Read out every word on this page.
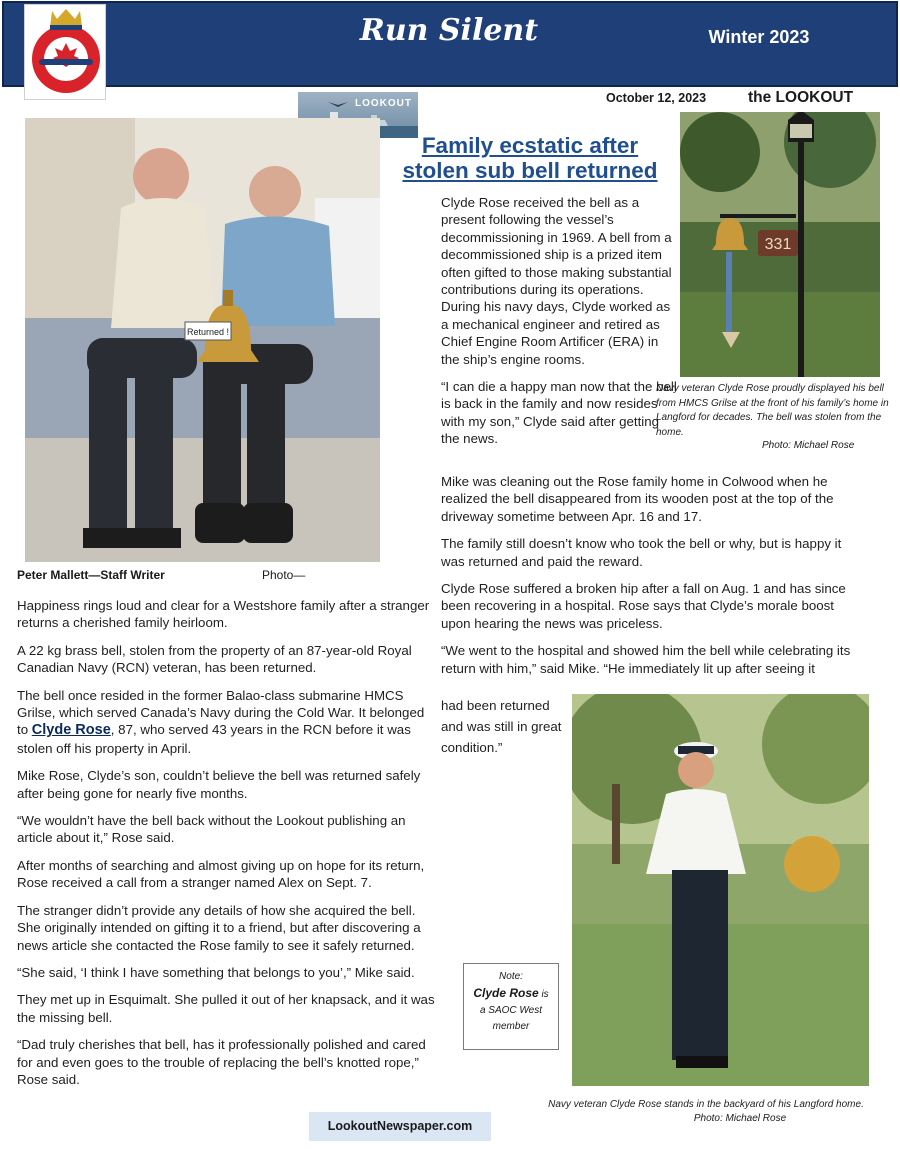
Run Silent	Winter 2023
LOOKOUT	October 12, 2023	the LOOKOUT
Family ecstatic after stolen sub bell returned
Returned !
Peter Mallett—Staff Writer	Photo—
331

Happiness rings loud and clear for a Westshore family after a stranger returns a cherished family heirloom.

A 22 kg brass bell, stolen from the property of an 87-year-old Royal Canadian Navy (RCN) veteran, has been returned.

The bell once resided in the former Balao-class submarine HMCS Grilse, which served Canada’s Navy during the Cold War. It belonged to Clyde Rose, 87, who served 43 years in the RCN before it was stolen off his property in April.

Mike Rose, Clyde’s son, couldn’t believe the bell was returned safely after being gone for nearly five months.

“We wouldn’t have the bell back without the Lookout publishing an article about it,” Rose said.

After months of searching and almost giving up on hope for its return, Rose received a call from a stranger named Alex on Sept. 7.

The stranger didn’t provide any details of how she acquired the bell. She originally intended on gifting it to a friend, but after discovering a news article she contacted the Rose family to see it safely returned.

“She said, ‘I think I have something that belongs to you’,” Mike said.

They met up in Esquimalt. She pulled it out of her knapsack, and it was the missing bell.

“Dad truly cherishes that bell, has it professionally polished and cared for and even goes to the trouble of replacing the bell’s knotted rope,” Rose said.

Clyde Rose received the bell as a present following the vessel’s decommissioning in 1969. A bell from a decommissioned ship is a prized item often gifted to those making substantial contributions during its operations. During his navy days, Clyde worked as a mechanical engineer and retired as Chief Engine Room Artificer (ERA) in the ship’s engine rooms.

“I can die a happy man now that the bell is back in the family and now resides with my son,” Clyde said after getting the news.

Mike was cleaning out the Rose family home in Colwood when he realized the bell disappeared from its wooden post at the top of the driveway sometime between Apr. 16 and 17.

The family still doesn’t know who took the bell or why, but is happy it was returned and paid the reward.

Clyde Rose suffered a broken hip after a fall on Aug. 1 and has since been recovering in a hospital. Rose says that Clyde’s morale boost upon hearing the news was priceless.

“We went to the hospital and showed him the bell while celebrating its return with him,” said Mike. “He immediately lit up after seeing it

had been returned and was still in great condition.”
Navy veteran Clyde Rose proudly displayed his bell from HMCS Grilse at the front of his family’s home in Langford for decades. The bell was stolen from the home.
Photo: Michael Rose
Navy veteran Clyde Rose stands in the backyard of his Langford home.
Photo: Michael Rose
Note:
Clyde Rose is
a SAOC West member
LookoutNewspaper.com
